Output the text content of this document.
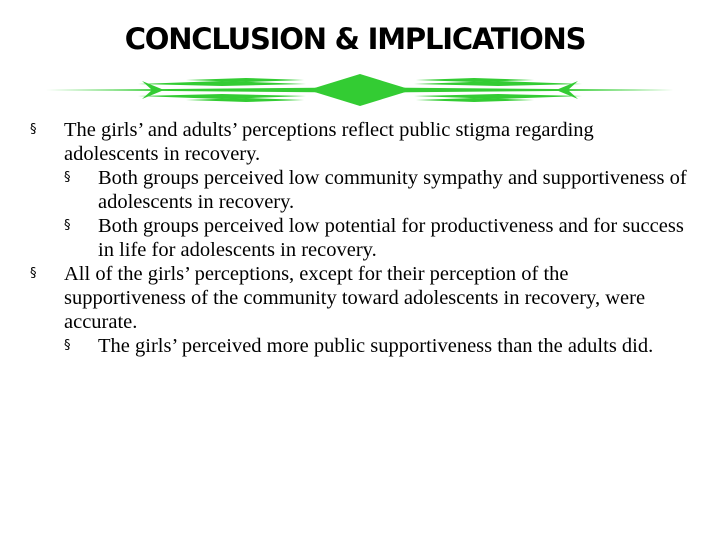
CONCLUSION & IMPLICATIONS

§ The girls’ and adults’ perceptions reflect public stigma regarding adolescents in recovery.

§ Both groups perceived low community sympathy and supportiveness of adolescents in recovery.

§ Both groups perceived low potential for productiveness and for success in life for adolescents in recovery.

§ All of the girls’ perceptions, except for their perception of the supportiveness of the community toward adolescents in recovery, were accurate.

§ The girls’ perceived more public supportiveness than the adults did.
